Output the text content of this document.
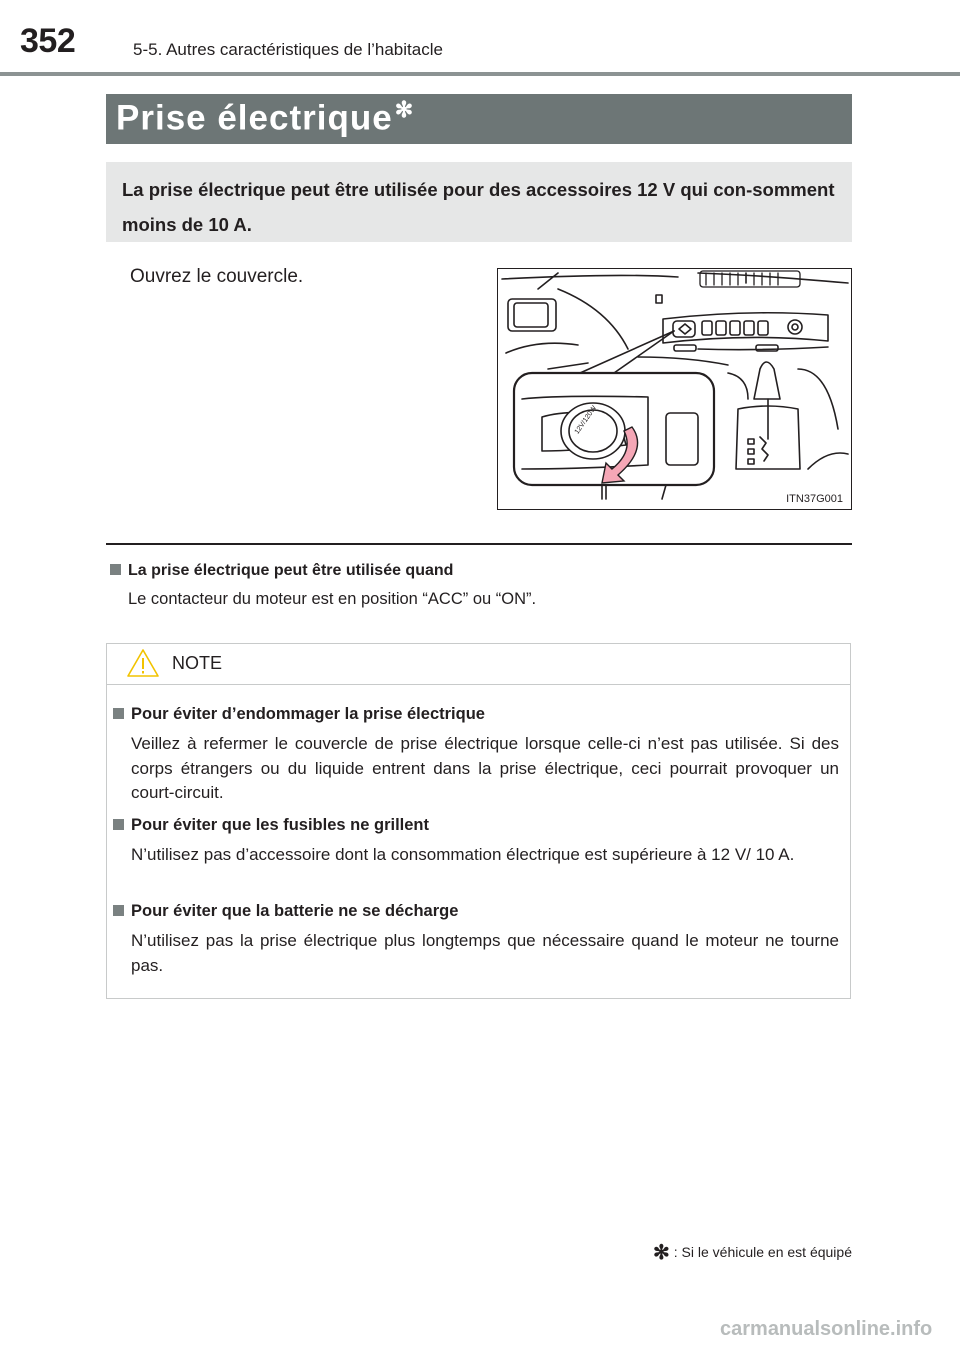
352	5-5. Autres caractéristiques de l’habitacle
Prise électrique✻
La prise électrique peut être utilisée pour des accessoires 12 V qui con-somment moins de 10 A.
Ouvrez le couvercle.
12V/120W
ITN37G001
La prise électrique peut être utilisée quand
Le contacteur du moteur est en position “ACC” ou “ON”.
NOTE
Pour éviter d’endommager la prise électrique
Veillez à refermer le couvercle de prise électrique lorsque celle-ci n’est pas utilisée. Si des corps étrangers ou du liquide entrent dans la prise électrique, ceci pourrait provoquer un court-circuit.
Pour éviter que les fusibles ne grillent
N’utilisez pas d’accessoire dont la consommation électrique est supérieure à 12 V/ 10 A.
Pour éviter que la batterie ne se décharge
N’utilisez pas la prise électrique plus longtemps que nécessaire quand le moteur ne tourne pas.
✻ : Si le véhicule en est équipé
carmanualsonline.info
